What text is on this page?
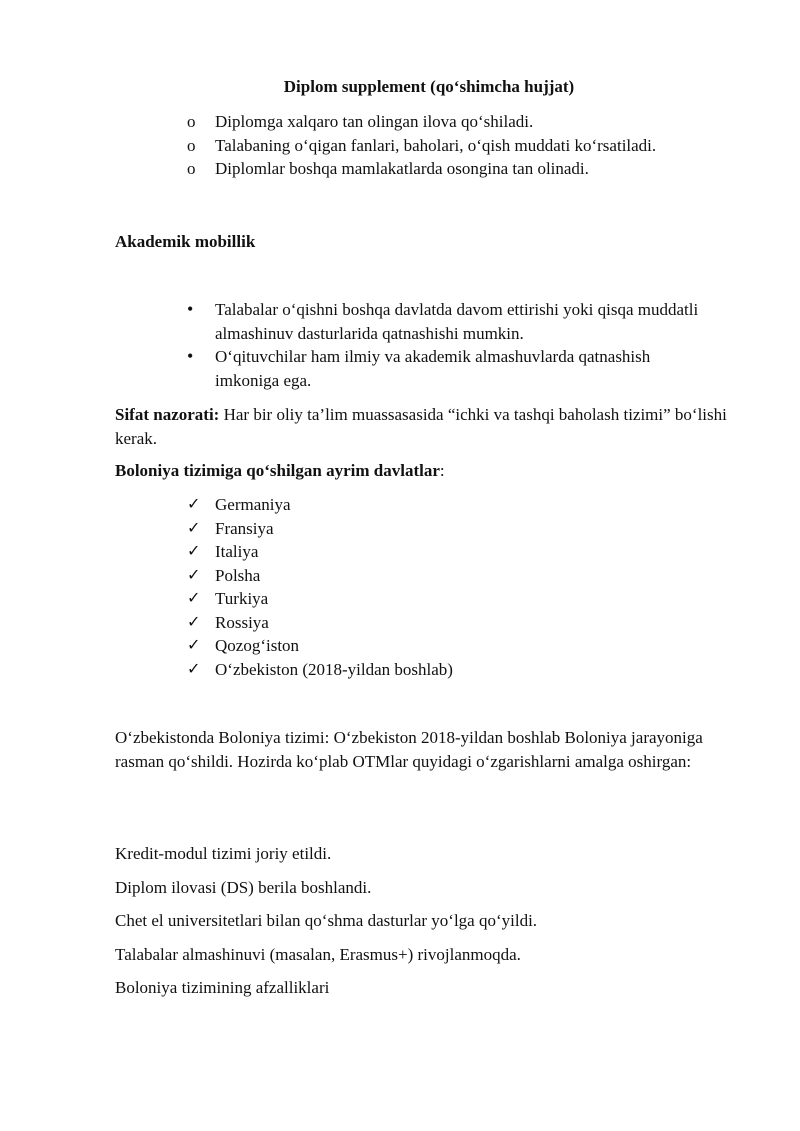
Diplom supplement (qo‘shimcha hujjat)
o	Diplomga xalqaro tan olingan ilova qo‘shiladi.
o	Talabaning o‘qigan fanlari, baholari, o‘qish muddati ko‘rsatiladi.
o	Diplomlar boshqa mamlakatlarda osongina tan olinadi.
Akademik mobillik
•	Talabalar o‘qishni boshqa davlatda davom ettirishi yoki qisqa muddatli almashinuv dasturlarida qatnashishi mumkin.
•	O‘qituvchilar ham ilmiy va akademik almashuvlarda qatnashish imkoniga ega.
Sifat nazorati: Har bir oliy ta’lim muassasasida “ichki va tashqi baholash tizimi” bo‘lishi kerak.
Boloniya tizimiga qo‘shilgan ayrim davlatlar:
✓ Germaniya
✓ Fransiya
✓ Italiya
✓ Polsha
✓ Turkiya
✓ Rossiya
✓ Qozog‘iston
✓ O‘zbekiston (2018-yildan boshlab)
O‘zbekistonda Boloniya tizimi: O‘zbekiston 2018-yildan boshlab Boloniya jarayoniga rasman qo‘shildi. Hozirda ko‘plab OTMlar quyidagi o‘zgarishlarni amalga oshirgan:
Kredit-modul tizimi joriy etildi.
Diplom ilovasi (DS) berila boshlandi.
Chet el universitetlari bilan qo‘shma dasturlar yo‘lga qo‘yildi.
Talabalar almashinuvi (masalan, Erasmus+) rivojlanmoqda.
Boloniya tizimining afzalliklari
